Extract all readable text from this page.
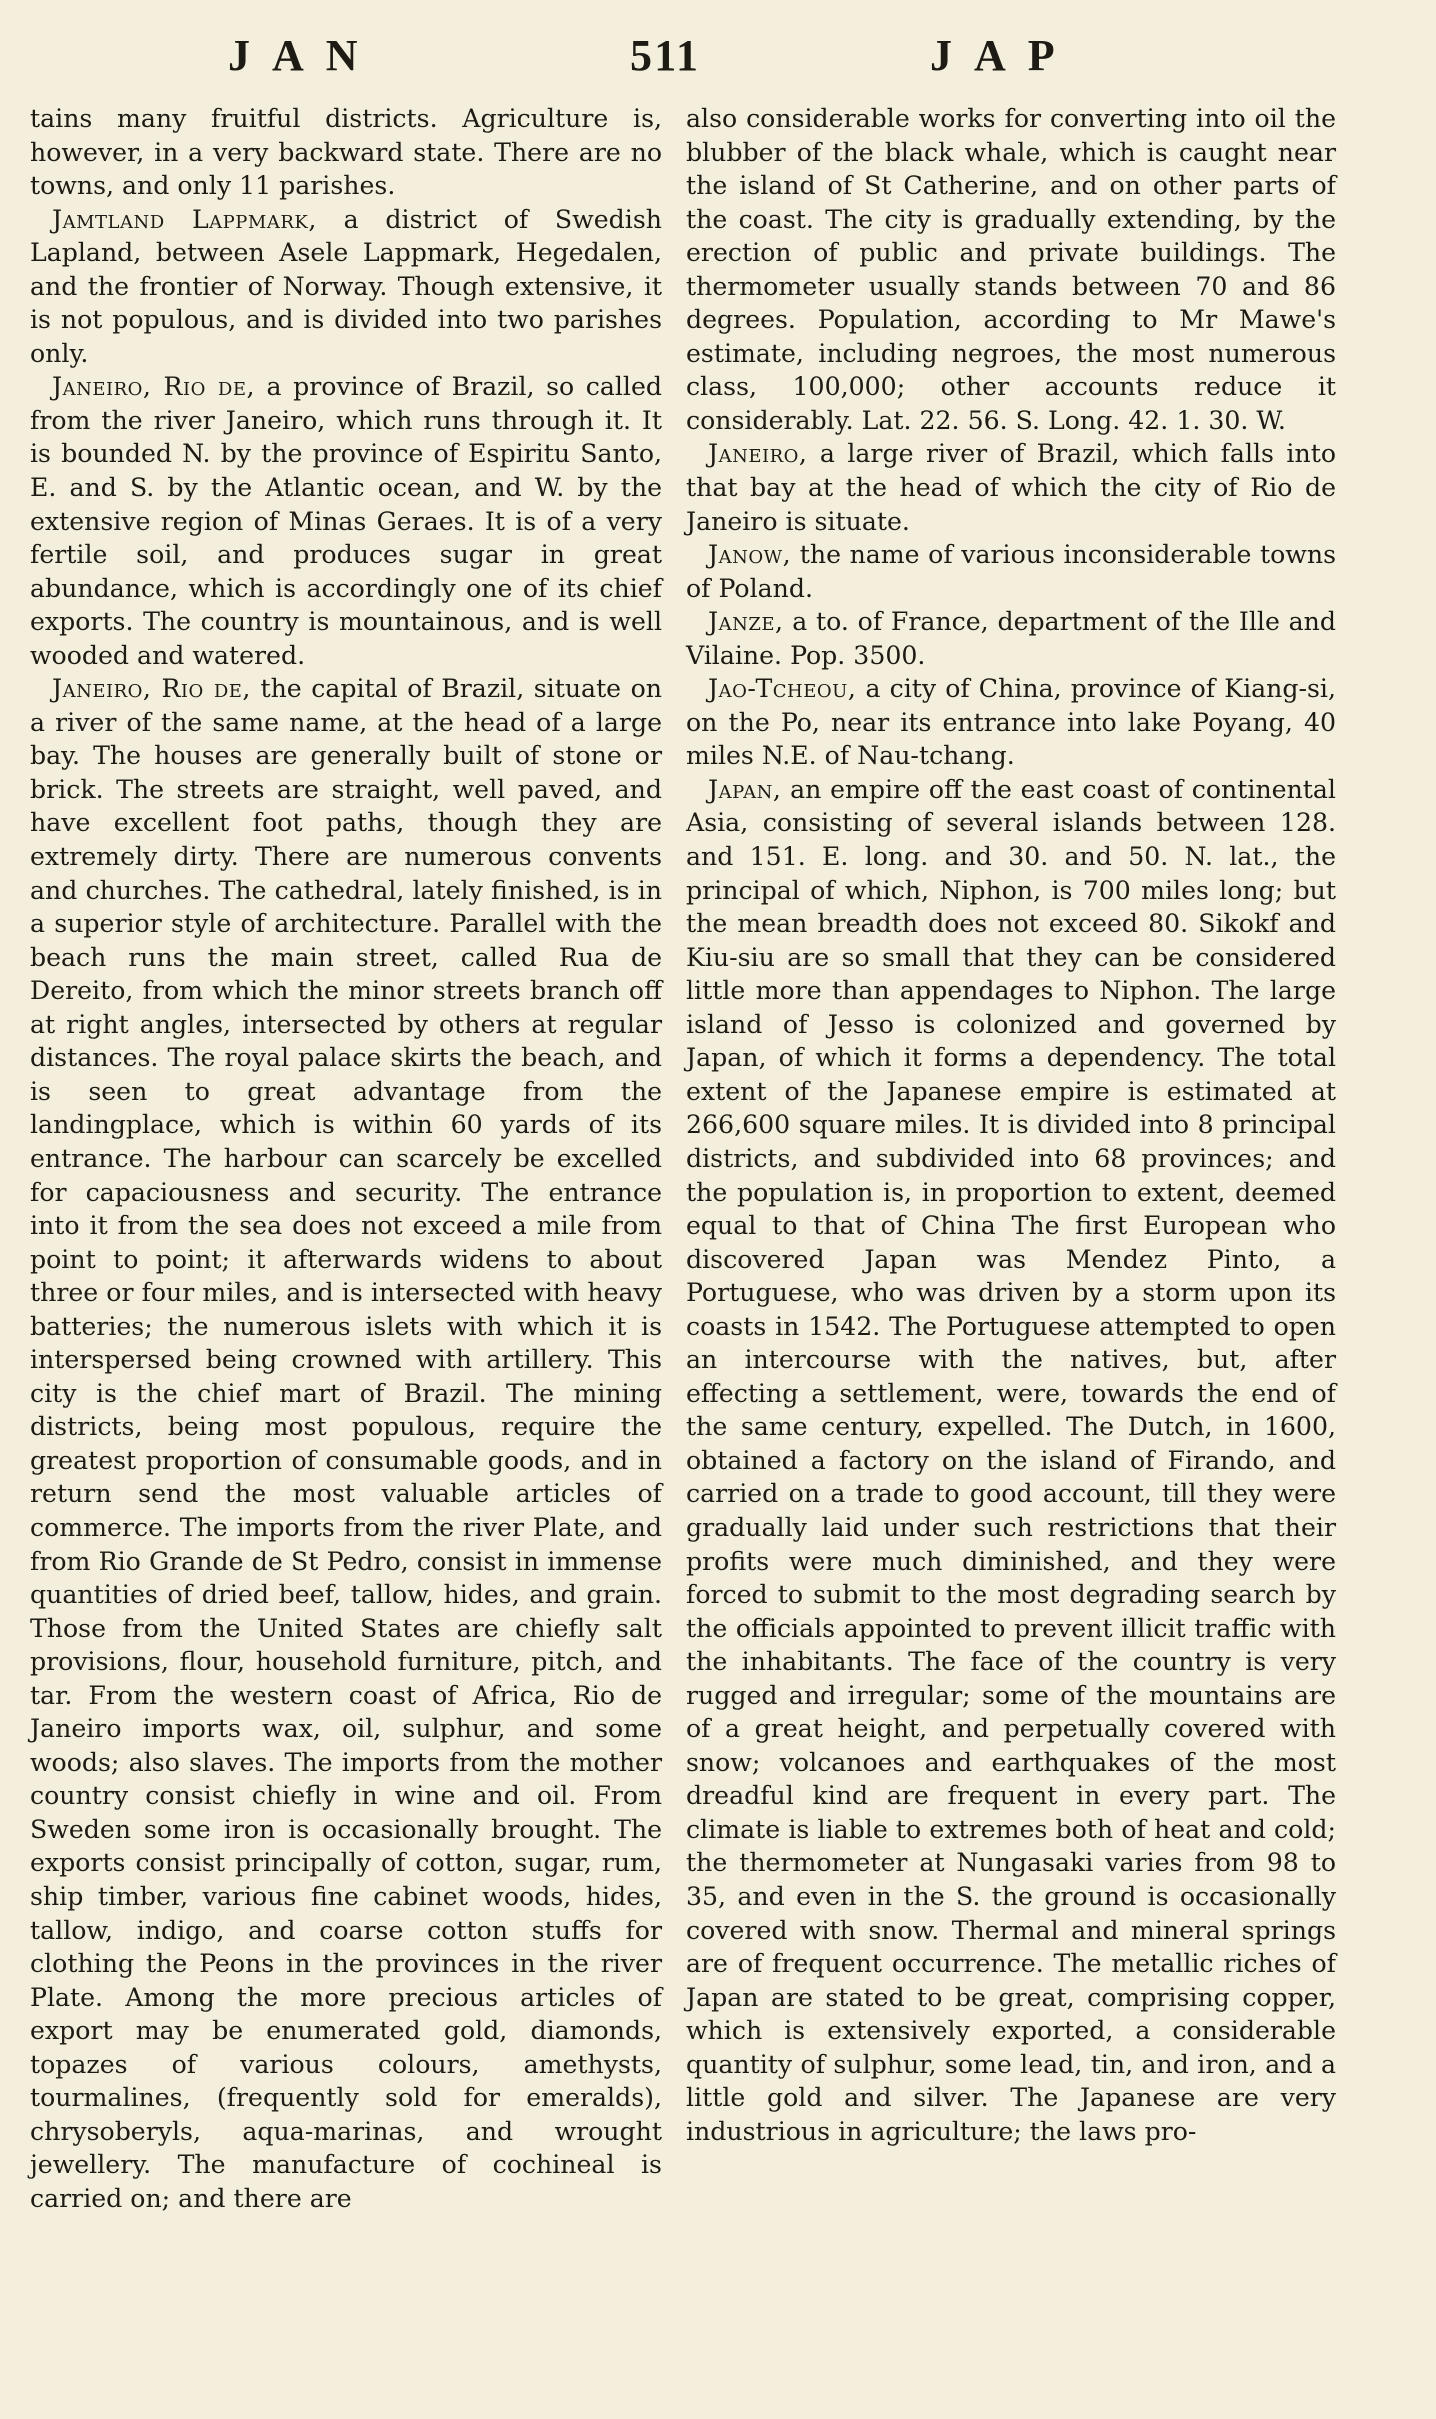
JAN	511	JAP

tains many fruitful districts. Agriculture is, however, in a very backward state. There are no towns, and only 11 parishes.

Jamtland Lappmark, a district of Swedish Lapland, between Asele Lappmark, Hegedalen, and the frontier of Norway. Though extensive, it is not populous, and is divided into two parishes only.

Janeiro, Rio de, a province of Brazil, so called from the river Janeiro, which runs through it. It is bounded N. by the province of Espiritu Santo, E. and S. by the Atlantic ocean, and W. by the extensive region of Minas Geraes. It is of a very fertile soil, and produces sugar in great abundance, which is accordingly one of its chief exports. The country is mountainous, and is well wooded and watered.

Janeiro, Rio de, the capital of Brazil, situate on a river of the same name, at the head of a large bay. The houses are generally built of stone or brick. The streets are straight, well paved, and have excellent foot paths, though they are extremely dirty. There are numerous convents and churches. The cathedral, lately finished, is in a superior style of architecture. Parallel with the beach runs the main street, called Rua de Dereito, from which the minor streets branch off at right angles, intersected by others at regular distances. The royal palace skirts the beach, and is seen to great advantage from the landingplace, which is within 60 yards of its entrance. The harbour can scarcely be excelled for capaciousness and security. The entrance into it from the sea does not exceed a mile from point to point; it afterwards widens to about three or four miles, and is intersected with heavy batteries; the numerous islets with which it is interspersed being crowned with artillery. This city is the chief mart of Brazil. The mining districts, being most populous, require the greatest proportion of consumable goods, and in return send the most valuable articles of commerce. The imports from the river Plate, and from Rio Grande de St Pedro, consist in immense quantities of dried beef, tallow, hides, and grain. Those from the United States are chiefly salt provisions, flour, household furniture, pitch, and tar. From the western coast of Africa, Rio de Janeiro imports wax, oil, sulphur, and some woods; also slaves. The imports from the mother country consist chiefly in wine and oil. From Sweden some iron is occasionally brought. The exports consist principally of cotton, sugar, rum, ship timber, various fine cabinet woods, hides, tallow, indigo, and coarse cotton stuffs for clothing the Peons in the provinces in the river Plate. Among the more precious articles of export may be enumerated gold, diamonds, topazes of various colours, amethysts, tourmalines, (frequently sold for emeralds), chrysoberyls, aqua-marinas, and wrought jewellery. The manufacture of cochineal is carried on; and there are

also considerable works for converting into oil the blubber of the black whale, which is caught near the island of St Catherine, and on other parts of the coast. The city is gradually extending, by the erection of public and private buildings. The thermometer usually stands between 70 and 86 degrees. Population, according to Mr Mawe's estimate, including negroes, the most numerous class, 100,000; other accounts reduce it considerably. Lat. 22. 56. S. Long. 42. 1. 30. W.

Janeiro, a large river of Brazil, which falls into that bay at the head of which the city of Rio de Janeiro is situate.

Janow, the name of various inconsiderable towns of Poland.

Janze, a to. of France, department of the Ille and Vilaine. Pop. 3500.

Jao-Tcheou, a city of China, province of Kiang-si, on the Po, near its entrance into lake Poyang, 40 miles N.E. of Nau-tchang.

Japan, an empire off the east coast of continental Asia, consisting of several islands between 128. and 151. E. long. and 30. and 50. N. lat., the principal of which, Niphon, is 700 miles long; but the mean breadth does not exceed 80. Sikokf and Kiu-siu are so small that they can be considered little more than appendages to Niphon. The large island of Jesso is colonized and governed by Japan, of which it forms a dependency. The total extent of the Japanese empire is estimated at 266,600 square miles. It is divided into 8 principal districts, and subdivided into 68 provinces; and the population is, in proportion to extent, deemed equal to that of China The first European who discovered Japan was Mendez Pinto, a Portuguese, who was driven by a storm upon its coasts in 1542. The Portuguese attempted to open an intercourse with the natives, but, after effecting a settlement, were, towards the end of the same century, expelled. The Dutch, in 1600, obtained a factory on the island of Firando, and carried on a trade to good account, till they were gradually laid under such restrictions that their profits were much diminished, and they were forced to submit to the most degrading search by the officials appointed to prevent illicit traffic with the inhabitants. The face of the country is very rugged and irregular; some of the mountains are of a great height, and perpetually covered with snow; volcanoes and earthquakes of the most dreadful kind are frequent in every part. The climate is liable to extremes both of heat and cold; the thermometer at Nungasaki varies from 98 to 35, and even in the S. the ground is occasionally covered with snow. Thermal and mineral springs are of frequent occurrence. The metallic riches of Japan are stated to be great, comprising copper, which is extensively exported, a considerable quantity of sulphur, some lead, tin, and iron, and a little gold and silver. The Japanese are very industrious in agriculture; the laws pro-
